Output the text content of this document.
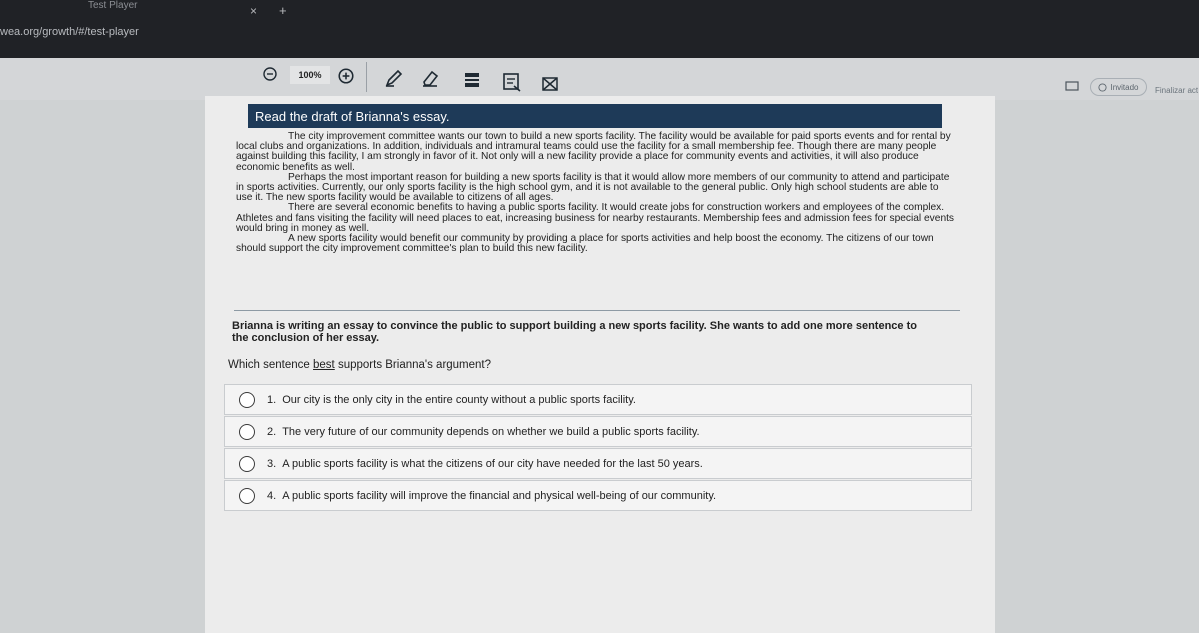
Test Player	× +
wea.org/growth/#/test-player
100%
Invitado Finalizar act
Read the draft of Brianna's essay.

The city improvement committee wants our town to build a new sports facility. The facility would be available for paid sports events and for rental by local clubs and organizations. In addition, individuals and intramural teams could use the facility for a small membership fee. Though there are many people against building this facility, I am strongly in favor of it. Not only will a new facility provide a place for community events and activities, it will also produce economic benefits as well.

Perhaps the most important reason for building a new sports facility is that it would allow more members of our community to attend and participate in sports activities. Currently, our only sports facility is the high school gym, and it is not available to the general public. Only high school students are able to use it. The new sports facility would be available to citizens of all ages.

There are several economic benefits to having a public sports facility. It would create jobs for construction workers and employees of the complex. Athletes and fans visiting the facility will need places to eat, increasing business for nearby restaurants. Membership fees and admission fees for special events would bring in money as well.

A new sports facility would benefit our community by providing a place for sports activities and help boost the economy. The citizens of our town should support the city improvement committee's plan to build this new facility.

Brianna is writing an essay to convince the public to support building a new sports facility. She wants to add one more sentence to the conclusion of her essay.
Which sentence best supports Brianna's argument?
1. Our city is the only city in the entire county without a public sports facility.
2. The very future of our community depends on whether we build a public sports facility.
3. A public sports facility is what the citizens of our city have needed for the last 50 years.
4. A public sports facility will improve the financial and physical well-being of our community.
